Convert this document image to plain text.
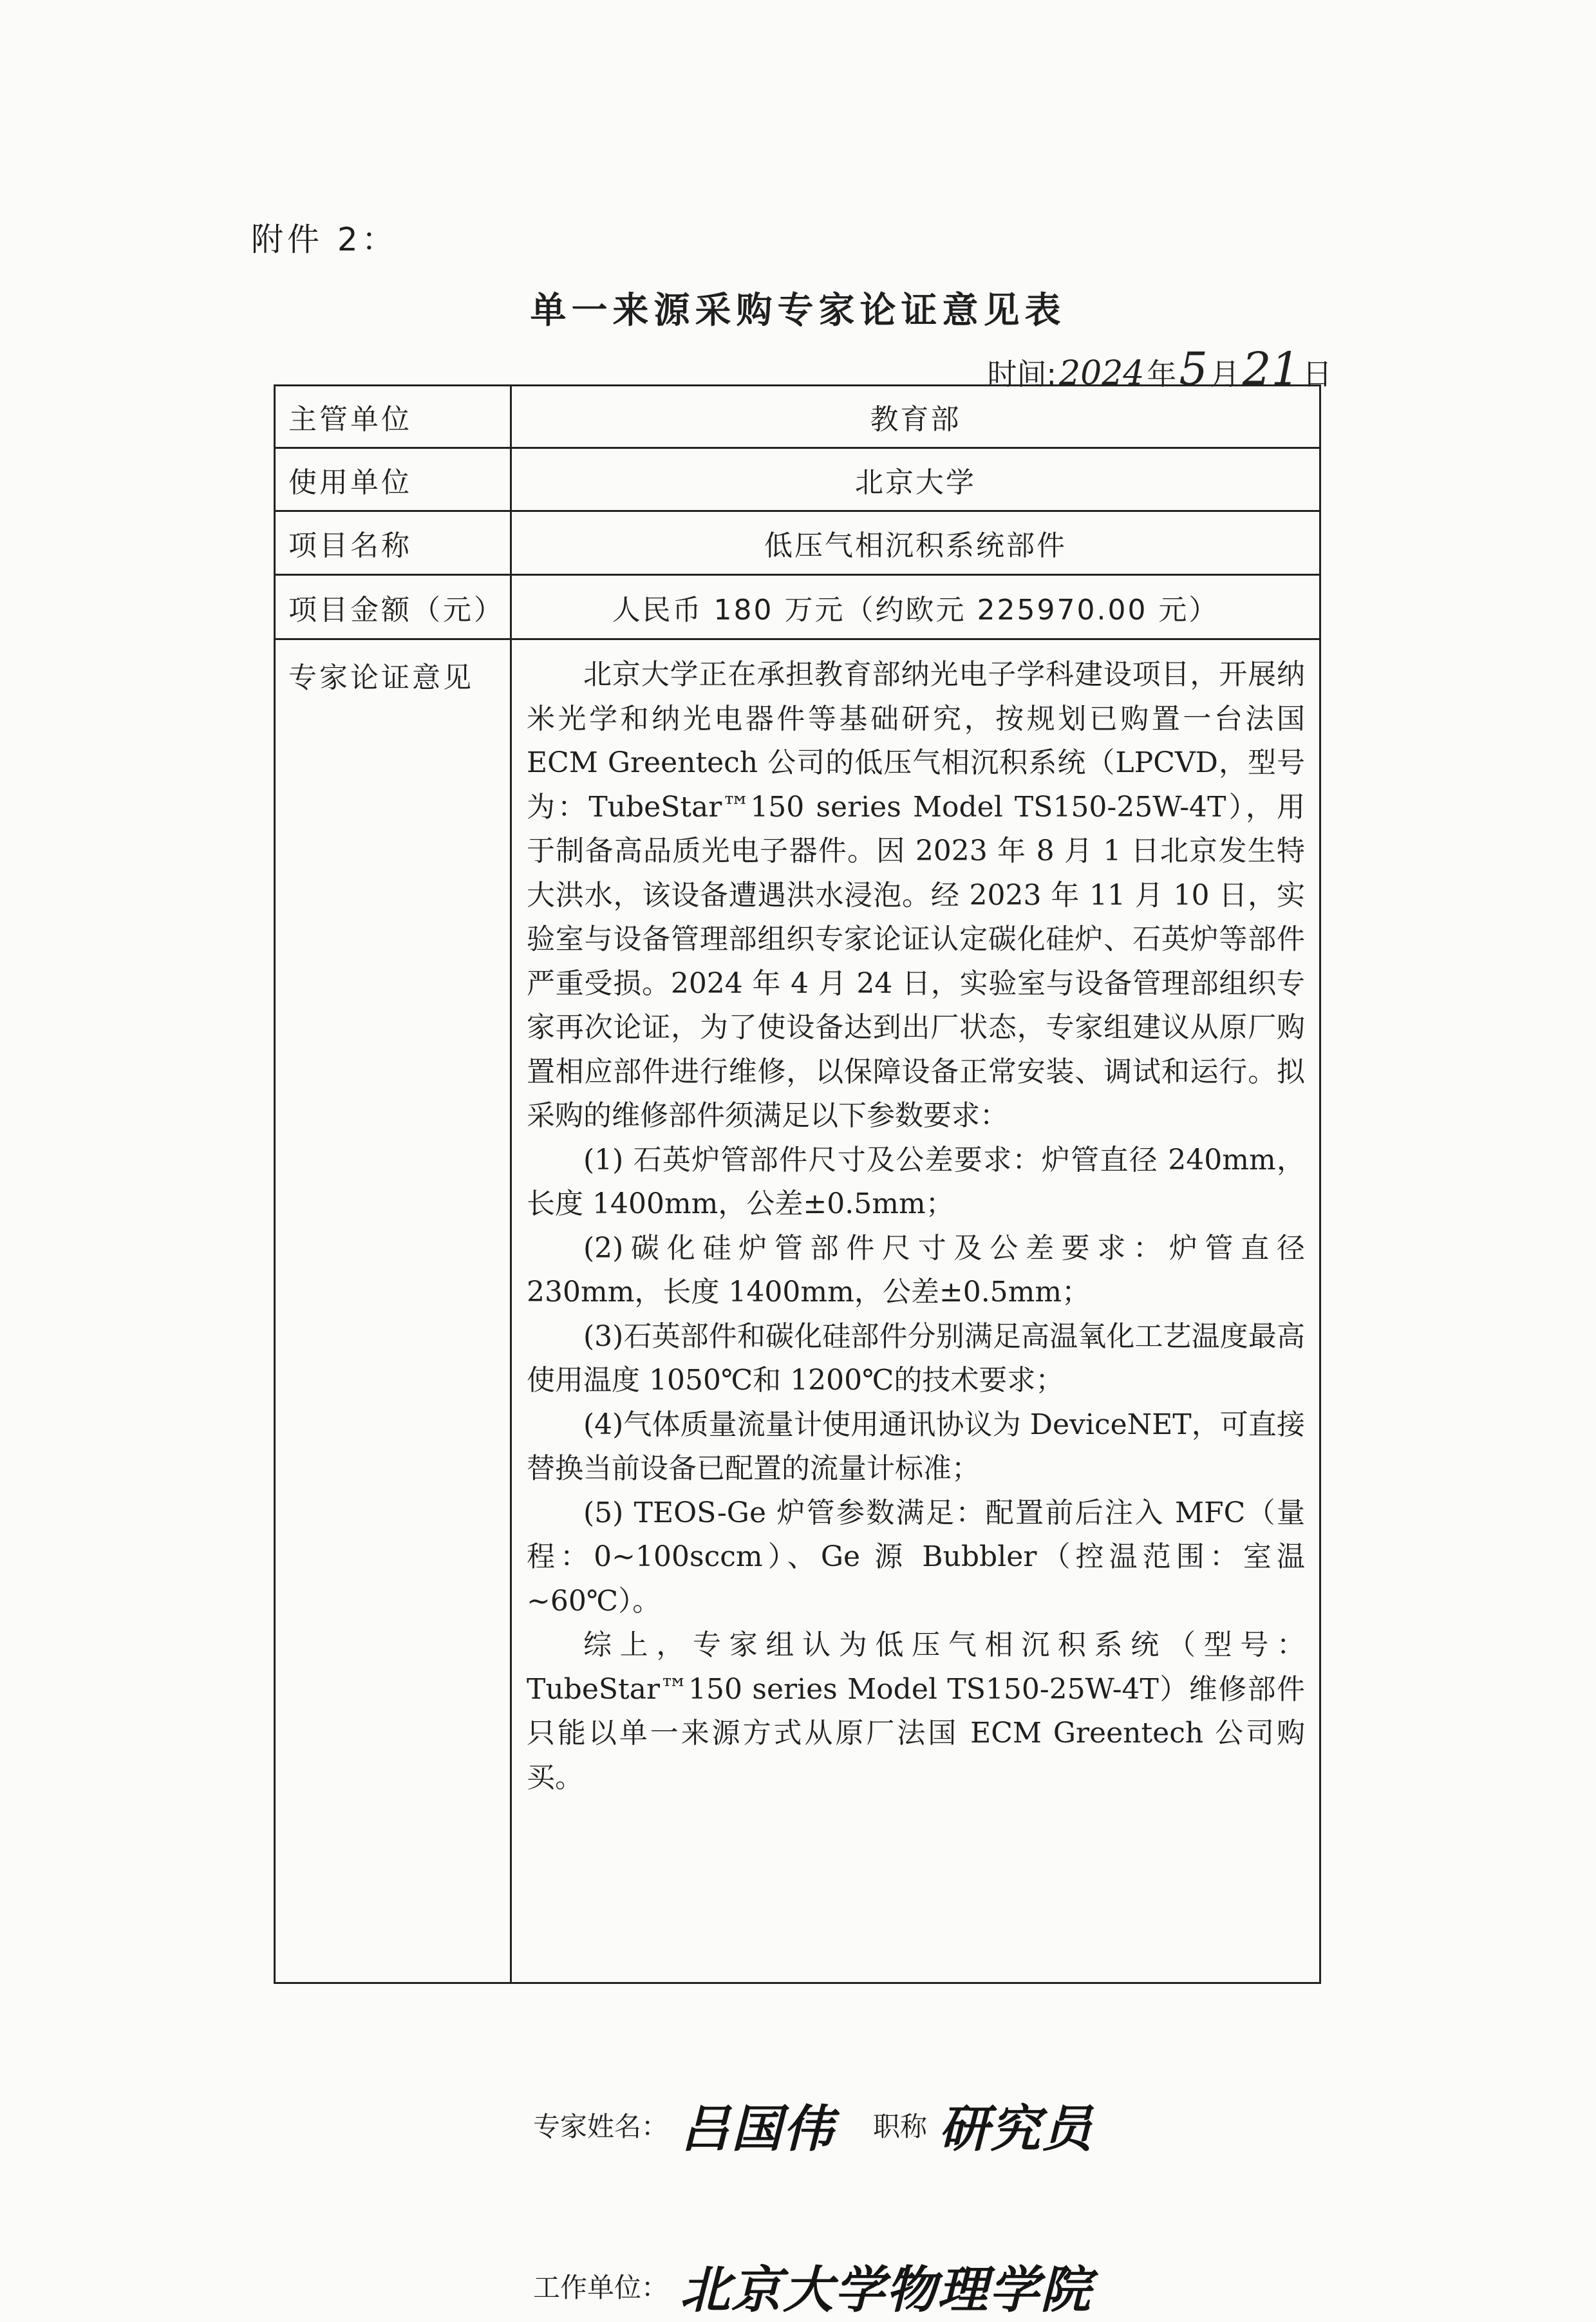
附件 2：
单一来源采购专家论证意见表
时间: 2024 年 5 月 21 日
主管单位	教育部
使用单位	北京大学
项目名称	低压气相沉积系统部件
项目金额（元）	人民币 180 万元（约欧元 225970.00 元）
专家论证意见	北京大学正在承担教育部纳光电子学科建设项目，开展纳米光学和纳光电器件等基础研究，按规划已购置一台法国 ECM Greentech 公司的低压气相沉积系统（LPCVD，型号为：TubeStar™150 series Model TS150-25W-4T），用于制备高品质光电子器件。因 2023 年 8 月 1 日北京发生特大洪水，该设备遭遇洪水浸泡。经 2023 年 11 月 10 日，实验室与设备管理部组织专家论证认定碳化硅炉、石英炉等部件严重受损。2024 年 4 月 24 日，实验室与设备管理部组织专家再次论证，为了使设备达到出厂状态，专家组建议从原厂购置相应部件进行维修，以保障设备正常安装、调试和运行。拟采购的维修部件须满足以下参数要求：

(1) 石英炉管部件尺寸及公差要求：炉管直径 240mm，长度 1400mm，公差±0.5mm；

(2)碳化硅炉管部件尺寸及公差要求：炉管直径 230mm，长度 1400mm，公差±0.5mm；

(3)石英部件和碳化硅部件分别满足高温氧化工艺温度最高使用温度 1050℃和 1200℃的技术要求；

(4)气体质量流量计使用通讯协议为 DeviceNET，可直接替换当前设备已配置的流量计标准；

(5) TEOS-Ge 炉管参数满足：配置前后注入 MFC（量程：0~100sccm）、Ge 源 Bubbler（控温范围：室温~60℃）。

综上，专家组认为低压气相沉积系统（型号：TubeStar™150 series Model TS150-25W-4T）维修部件只能以单一来源方式从原厂法国 ECM Greentech 公司购买。

专家姓名： 吕国伟 职称 研究员
工作单位： 北京大学物理学院
